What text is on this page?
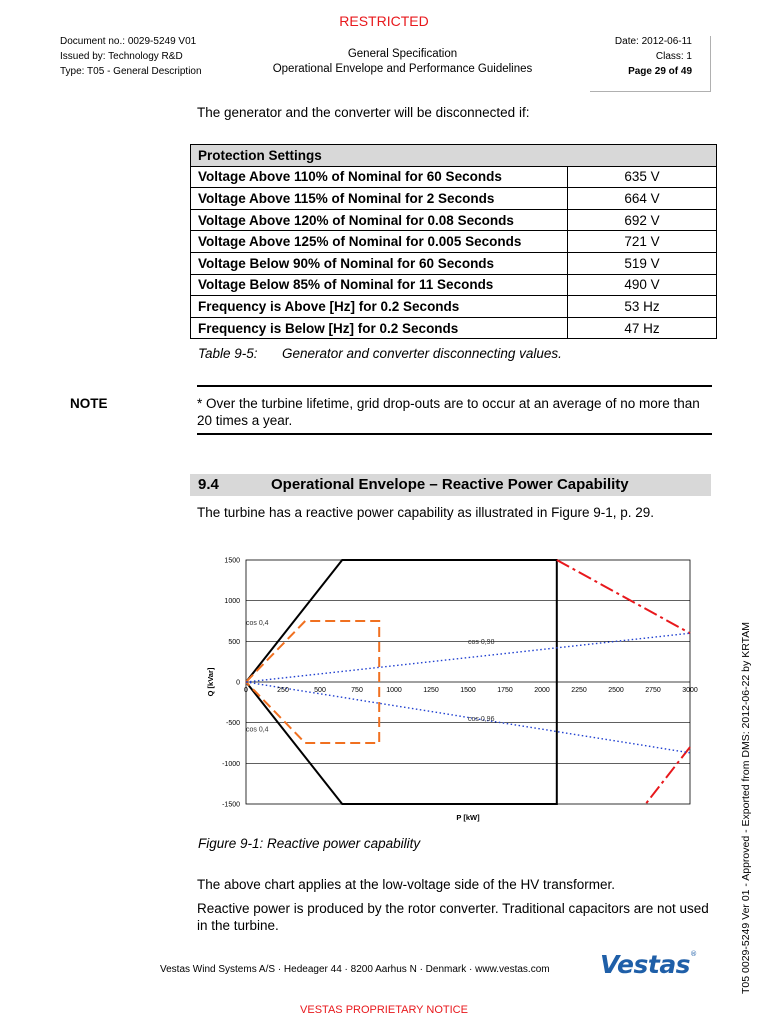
RESTRICTED
Document no.: 0029-5249 V01
Issued by: Technology R&D
Type: T05 - General Description
General Specification
Operational Envelope and Performance Guidelines
Date: 2012-06-11
Class: 1
Page 29 of 49
The generator and the converter will be disconnected if:
Protection Settings	
Voltage Above 110% of Nominal for 60 Seconds	635 V
Voltage Above 115% of Nominal for 2 Seconds	664 V
Voltage Above 120% of Nominal for 0.08 Seconds	692 V
Voltage Above 125% of Nominal for 0.005 Seconds	721 V
Voltage Below 90% of Nominal for 60 Seconds	519 V
Voltage Below 85% of Nominal for 11 Seconds	490 V
Frequency is Above [Hz] for 0.2 Seconds	53 Hz
Frequency is Below [Hz] for 0.2 Seconds	47 Hz
Table 9-5: Generator and converter disconnecting values.
NOTE	* Over the turbine lifetime, grid drop-outs are to occur at an average of no more than 20 times a year.
9.4	Operational Envelope – Reactive Power Capability
The turbine has a reactive power capability as illustrated in Figure 9-1, p. 29.
1500
1000
500
0
-500
-1000
-1500
0	250	500	750	1000	1250	1500	1750	2000	2250	2500	2750	3000
cos 0,4
cos 0,98
cos 0,4
cos 0,96
P [kW]
Q [kVar]
Figure 9-1: Reactive power capability
The above chart applies at the low-voltage side of the HV transformer.
Reactive power is produced by the rotor converter. Traditional capacitors are not used in the turbine.
Vestas Wind Systems A/S · Hedeager 44 · 8200 Aarhus N · Denmark · www.vestas.com Vestas®
VESTAS PROPRIETARY NOTICE
T05 0029-5249 Ver 01 - Approved - Exported from DMS: 2012-06-22 by KRTAM
